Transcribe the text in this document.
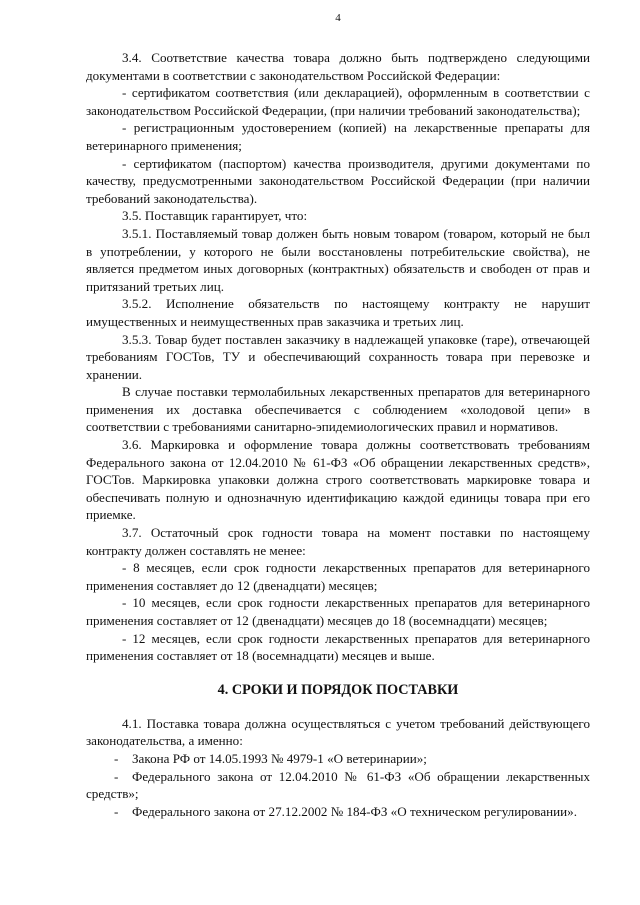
4

3.4. Соответствие качества товара должно быть подтверждено следующими документами в соответствии с законодательством Российской Федерации:

- сертификатом соответствия (или декларацией), оформленным в соответствии с законодательством Российской Федерации, (при наличии требований законодательства);

- регистрационным удостоверением (копией) на лекарственные препараты для ветеринарного применения;

- сертификатом (паспортом) качества производителя, другими документами по качеству, предусмотренными законодательством Российской Федерации (при наличии требований законодательства).

3.5. Поставщик гарантирует, что:

3.5.1. Поставляемый товар должен быть новым товаром (товаром, который не был в употреблении, у которого не были восстановлены потребительские свойства), не является предметом иных договорных (контрактных) обязательств и свободен от прав и притязаний третьих лиц.

3.5.2. Исполнение обязательств по настоящему контракту не нарушит имущественных и неимущественных прав заказчика и третьих лиц.

3.5.3. Товар будет поставлен заказчику в надлежащей упаковке (таре), отвечающей требованиям ГОСТов, ТУ и обеспечивающий сохранность товара при перевозке и хранении.

В случае поставки термолабильных лекарственных препаратов для ветеринарного применения их доставка обеспечивается с соблюдением «холодовой цепи» в соответствии с требованиями санитарно-эпидемиологических правил и нормативов.

3.6. Маркировка и оформление товара должны соответствовать требованиям Федерального закона от 12.04.2010 № 61-ФЗ «Об обращении лекарственных средств», ГОСТов. Маркировка упаковки должна строго соответствовать маркировке товара и обеспечивать полную и однозначную идентификацию каждой единицы товара при его приемке.

3.7. Остаточный срок годности товара на момент поставки по настоящему контракту должен составлять не менее:

- 8 месяцев, если срок годности лекарственных препаратов для ветеринарного применения составляет до 12 (двенадцати) месяцев;

- 10 месяцев, если срок годности лекарственных препаратов для ветеринарного применения составляет от 12 (двенадцати) месяцев до 18 (восемнадцати) месяцев;

- 12 месяцев, если срок годности лекарственных препаратов для ветеринарного применения составляет от 18 (восемнадцати) месяцев и выше.

4. СРОКИ И ПОРЯДОК ПОСТАВКИ

4.1. Поставка товара должна осуществляться с учетом требований действующего законодательства, а именно:

- Закона РФ от 14.05.1993 № 4979-1 «О ветеринарии»;

- Федерального закона от 12.04.2010 № 61-ФЗ «Об обращении лекарственных средств»;

- Федерального закона от 27.12.2002 № 184-ФЗ «О техническом регулировании».
